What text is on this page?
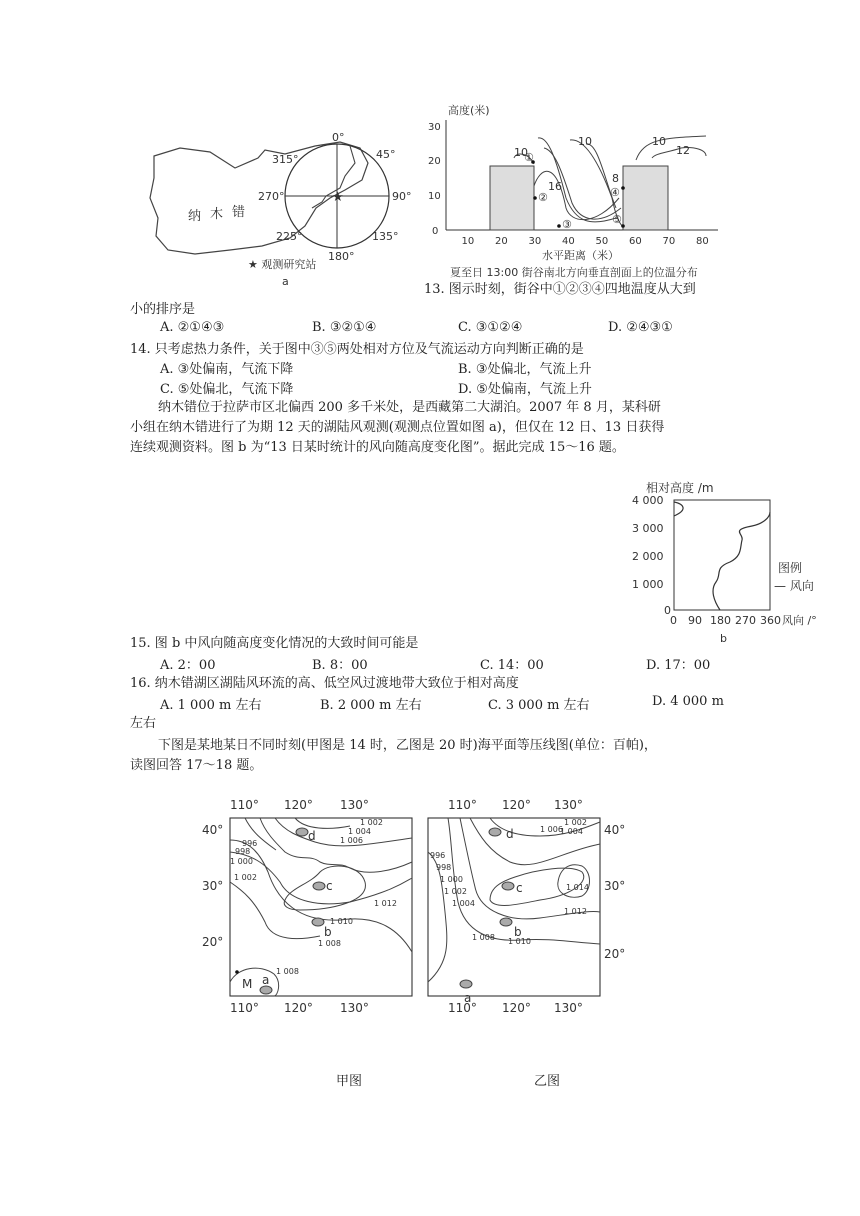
★
纳 木 错
0°
45°
90°
135°
180°
225°
270°
315°
★ 观测研究站
a
高度(米)
0
10
20
30
10 20 30 40 50 60 70 80
10
10	10
12
16
8
①
②
③
④
⑤
水平距离（米）
夏至日 13:00 街谷南北方向垂直剖面上的位温分布
13. 图示时刻，街谷中①②③④四地温度从大到
小的排序是
A. ②①④③	B. ③②①④	C. ③①②④	D. ②④③①
14. 只考虑热力条件，关于图中③⑤两处相对方位及气流运动方向判断正确的是
A. ③处偏南，气流下降	B. ③处偏北，气流上升
C. ⑤处偏北，气流下降	D. ⑤处偏南，气流上升
纳木错位于拉萨市区北偏西 200 多千米处，是西藏第二大湖泊。2007 年 8 月，某科研
小组在纳木错进行了为期 12 天的湖陆风观测(观测点位置如图 a)，但仅在 12 日、13 日获得
连续观测资料。图 b 为“13 日某时统计的风向随高度变化图”。据此完成 15～16 题。
相对高度 /m
0
1 000
2 000
3 000
4 000
0 90 180 270 360 风向 /°
图例
— 风向
b
15. 图 b 中风向随高度变化情况的大致时间可能是
A. 2：00	B. 8：00	C. 14：00	D. 17：00
16. 纳木错湖区湖陆风环流的高、低空风过渡地带大致位于相对高度
A. 1 000 m 左右	B. 2 000 m 左右	C. 3 000 m 左右	D. 4 000 m
左右
下图是某地某日不同时刻(甲图是 14 时，乙图是 20 时)海平面等压线图(单位：百帕)，
读图回答 17～18 题。
110° 120° 130°
110° 120° 130°
40°
30°
20°
1 002
1 004
1 006
996
998
1 000
1 002
1 012
1 010
1 008
1 008
d
c
b
a
M
110° 120° 130°
110° 120° 130°
40°
30°
20°
1 006
1 002
1 004
996
998
1 000
1 002
1 004
1 014
1 012
1 008 1 010
d
c
b
a
甲图	乙图
